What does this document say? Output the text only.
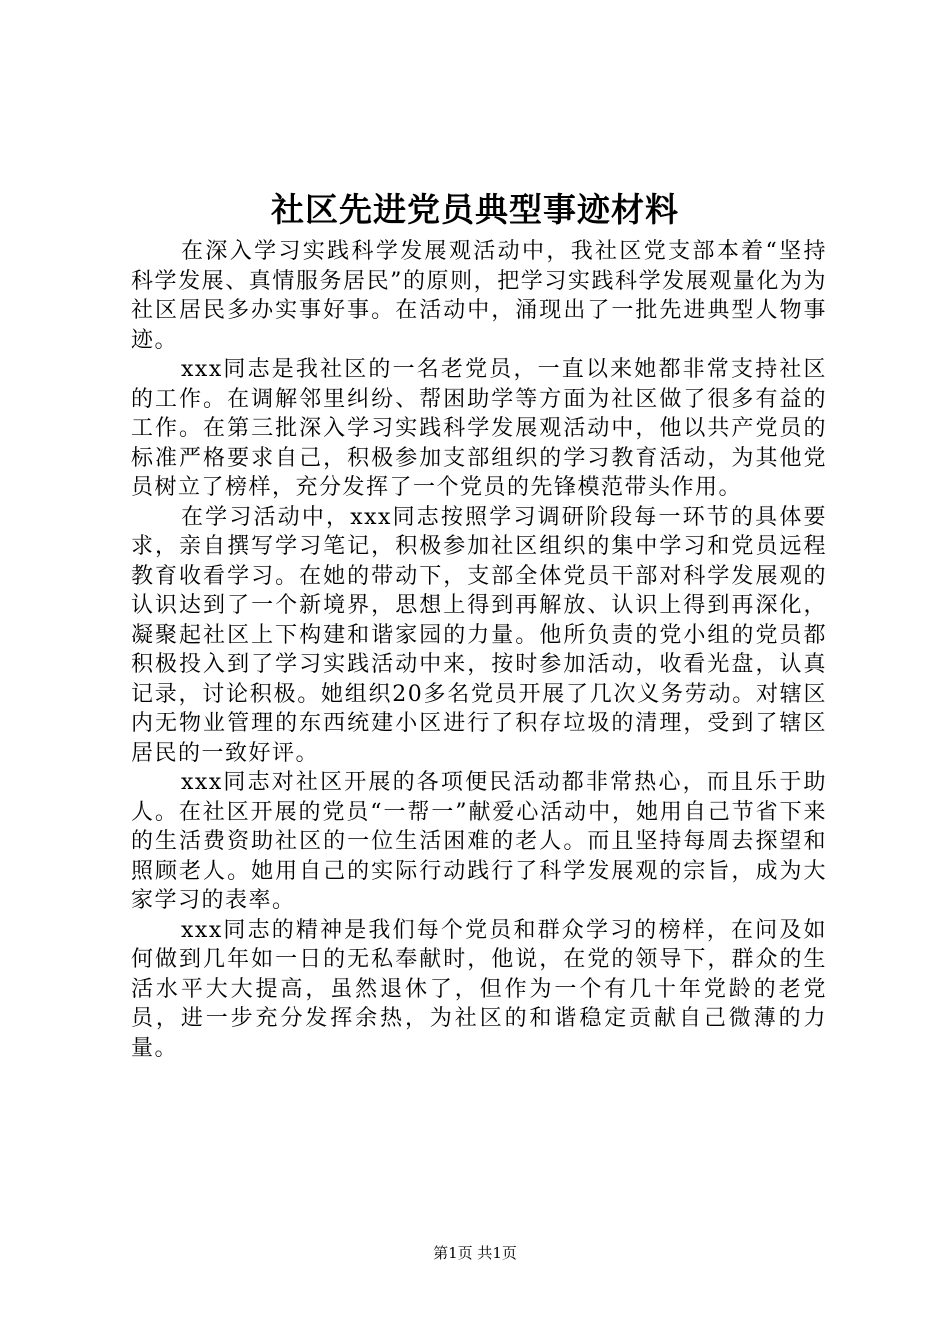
社区先进党员典型事迹材料

在深入学习实践科学发展观活动中，我社区党支部本着“坚持科学发展、真情服务居民”的原则，把学习实践科学发展观量化为为社区居民多办实事好事。在活动中，涌现出了一批先进典型人物事迹。

xxx同志是我社区的一名老党员，一直以来她都非常支持社区的工作。在调解邻里纠纷、帮困助学等方面为社区做了很多有益的工作。在第三批深入学习实践科学发展观活动中，他以共产党员的标准严格要求自己，积极参加支部组织的学习教育活动，为其他党员树立了榜样，充分发挥了一个党员的先锋模范带头作用。

在学习活动中，xxx同志按照学习调研阶段每一环节的具体要求，亲自撰写学习笔记，积极参加社区组织的集中学习和党员远程教育收看学习。在她的带动下，支部全体党员干部对科学发展观的认识达到了一个新境界，思想上得到再解放、认识上得到再深化，凝聚起社区上下构建和谐家园的力量。他所负责的党小组的党员都积极投入到了学习实践活动中来，按时参加活动，收看光盘，认真记录，讨论积极。她组织20多名党员开展了几次义务劳动。对辖区内无物业管理的东西统建小区进行了积存垃圾的清理，受到了辖区居民的一致好评。

xxx同志对社区开展的各项便民活动都非常热心，而且乐于助人。在社区开展的党员“一帮一”献爱心活动中，她用自己节省下来的生活费资助社区的一位生活困难的老人。而且坚持每周去探望和照顾老人。她用自己的实际行动践行了科学发展观的宗旨，成为大家学习的表率。

xxx同志的精神是我们每个党员和群众学习的榜样，在问及如何做到几年如一日的无私奉献时，他说，在党的领导下，群众的生活水平大大提高，虽然退休了，但作为一个有几十年党龄的老党员，进一步充分发挥余热，为社区的和谐稳定贡献自己微薄的力量。

第1页 共1页
